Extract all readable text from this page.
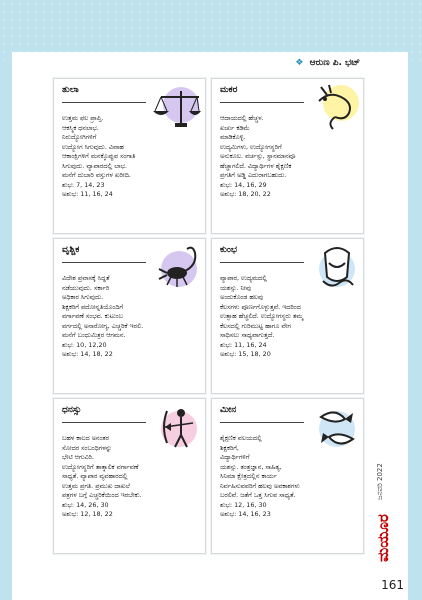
❖ ಆರುಣ ಪಿ. ಭಟ್
ತುಲಾ
ಉತ್ತಮ ಫಲ ಪ್ರಾಪ್ತಿ.
ಆಕಸ್ಮಿಕ ಧನಲಾಭ.
ನಿರುದ್ಯೋಗಿಗಳಿಗೆ
ಉದ್ಯೋಗ ಸಿಗುವುದು. ವಿವಾಹ
ಆಕಾಂಕ್ಷಿಗಳಿಗೆ ಮನಕ್ಕೊಪ್ಪುವ ಸಂಗಾತಿ
ಸಿಗುವುದು. ವ್ಯಾಪಾರದಲ್ಲಿ ಲಾಭ.
ಮನೆಗೆ ದುಬಾರಿ ವಸ್ತುಗಳ ಖರೀದಿ.
ಶುಭ: 7, 14, 23
ಅಶುಭ: 11, 16, 24
ಮಕರ
ಆದಾಯದಲ್ಲಿ ಹೆಚ್ಚಳ.
ಖರ್ಚು ಕಡಿಮೆ
ಮಾಡಿಕೊಳ್ಳಿ.
ಉದ್ಯಮಿಗಳು, ಉದ್ಯೋಗಸ್ಥರಿಗೆ
ಅನುಕೂಲ. ವರ್ಚಸ್ಸು, ಸ್ಥಾನಮಾನವೂ
ಹೆಚ್ಚಾಗಲಿದೆ. ವಿದ್ಯಾರ್ಥಿಗಳ ಶೈಕ್ಷಣಿಕ
ಪ್ರಗತಿಗೆ ಅಡ್ಡಿ ಎದುರಾಗಬಹುದು.
ಶುಭ: 14, 16, 29
ಅಶುಭ: 18, 20, 22
ವೃಶ್ಚಿಕ
ವಿದೇಶ ಪ್ರವಾಸಕ್ಕೆ ಸಿದ್ಧತೆ
ನಡೆಯುವುದು. ಸರ್ಕಾರಿ
ಅಧಿಕಾರ ಸಿಗುವುದು.
ಶಿಕ್ಷಕರಿಗೆ ಪದೋನ್ನತಿಯೊಂದಿಗೆ
ವರ್ಗಾವಣೆ ಸಂಭವ. ಕುಟುಂಬ
ವರ್ಗದಲ್ಲಿ ಅನಾರೋಗ್ಯ, ಎಚ್ಚರಿಕೆ ಇರಲಿ.
ಮನೆಗೆ ಬಂಧುಮಿತ್ರರ ಆಗಮನ.
ಶುಭ: 10, 12,20
ಅಶುಭ: 14, 18, 22
ಕುಂಭ
ವ್ಯಾಪಾರ, ಉದ್ಯಮದಲ್ಲಿ
ಯಶಸ್ಸು. ನೀವು
ಅಂದುಕೊಂಡ ಹಲವು
ಕೆಲಸಗಳು ಪೂರ್ಣಗೊಳ್ಳುತ್ತವೆ. ಇದರಿಂದ
ಉತ್ಸಾಹ ಹೆಚ್ಚಲಿದೆ. ಉದ್ಯೋಗಸ್ಥರು ತಮ್ಮ
ಕೆಲಸದಲ್ಲಿ ಗುರಿಮುಟ್ಟ ಹಾಗೂ ವೇಗ
ಸಾಧಿಸಲು ಸಾಧ್ಯವಾಗುತ್ತದೆ.
ಶುಭ: 11, 16, 24
ಅಶುಭ: 15, 18, 20
ಧನಸ್ಸು
ಬಹಳ ಕಾಲದ ಅನಂತರ
ಸೋದರ ಸಂಬಂಧಿಗಳನ್ನು
ಭೇಟಿ ಆಗುವಿರಿ.
ಉದ್ಯೋಗಸ್ಥರಿಗೆ ತಾತ್ಕಾಲಿಕ ವರ್ಗಾವಣೆ
ಸಾಧ್ಯತೆ. ವ್ಯಾಪಾರ ವ್ಯವಹಾರದಲ್ಲಿ
ಉತ್ತಮ ಪ್ರಗತಿ. ಪ್ರಮುಖ ದಾಖಲೆ
ಪತ್ರಗಳ ಬಗ್ಗೆ ಎಚ್ಚರಿಕೆಯಿಂದ ಇರಬೇಕು.
ಶುಭ: 14, 26, 30
ಅಶುಭ: 12, 18, 22
ಮೀನ
ಶೈಕ್ಷಣಿಕ ವಲಯದಲ್ಲಿ
ಶಿಕ್ಷಕರಿಗೆ,
ವಿದ್ಯಾರ್ಥಿಗಳಿಗೆ
ಯಶಸ್ಸು. ತಂತ್ರಜ್ಞಾನ, ಸಾಹಿತ್ಯ,
ಸಿನಿಮಾ ಕ್ಷೇತ್ರದಲ್ಲಿನ ಕಾರ್ಯ
ನಿರ್ವಹಿಸುವವರಿಗೆ ಹಲವು ಅವಕಾಶಗಳು
ಬರಲಿವೆ. ಜತೆಗೆ ಒತ್ತ ಸಿಗುವ ಸಾಧ್ಯತೆ.
ಶುಭ: 12, 16, 30
ಅಶುಭ: 14, 16, 23
ಜನವರಿ 2022
ಮಯೂರ
161
